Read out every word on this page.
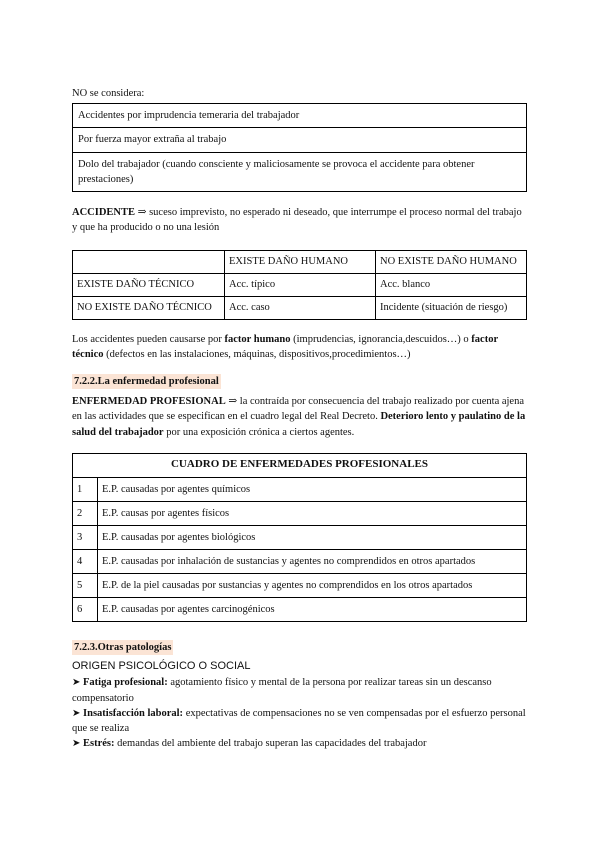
NO se considera:

Accidentes por imprudencia temeraria del trabajador
Por fuerza mayor extraña al trabajo
Dolo del trabajador (cuando consciente y maliciosamente se provoca el accidente para obtener prestaciones)

ACCIDENTE ⇒ suceso imprevisto, no esperado ni deseado, que interrumpe el proceso normal del trabajo y que ha producido o no una lesión

	EXISTE DAÑO HUMANO	NO EXISTE DAÑO HUMANO
EXISTE DAÑO TÉCNICO	Acc. típico	Acc. blanco
NO EXISTE DAÑO TÉCNICO	Acc. caso	Incidente (situación de riesgo)

Los accidentes pueden causarse por factor humano (imprudencias, ignorancia,descuidos…) o factor técnico (defectos en las instalaciones, máquinas, dispositivos,procedimientos…)

7.2.2.La enfermedad profesional

ENFERMEDAD PROFESIONAL ⇒ la contraída por consecuencia del trabajo realizado por cuenta ajena en las actividades que se especifican en el cuadro legal del Real Decreto. Deterioro lento y paulatino de la salud del trabajador por una exposición crónica a ciertos agentes.

CUADRO DE ENFERMEDADES PROFESIONALES	
1	E.P. causadas por agentes químicos
2	E.P. causas por agentes físicos
3	E.P. causadas por agentes biológicos
4	E.P. causadas por inhalación de sustancias y agentes no comprendidos en otros apartados
5	E.P. de la piel causadas por sustancias y agentes no comprendidos en los otros apartados
6	E.P. causadas por agentes carcinogénicos
7.2.3.Otras patologías

ORIGEN PSICOLÓGICO O SOCIAL

➤ Fatiga profesional: agotamiento físico y mental de la persona por realizar tareas sin un descanso compensatorio

➤ Insatisfacción laboral: expectativas de compensaciones no se ven compensadas por el esfuerzo personal que se realiza

➤ Estrés: demandas del ambiente del trabajo superan las capacidades del trabajador
